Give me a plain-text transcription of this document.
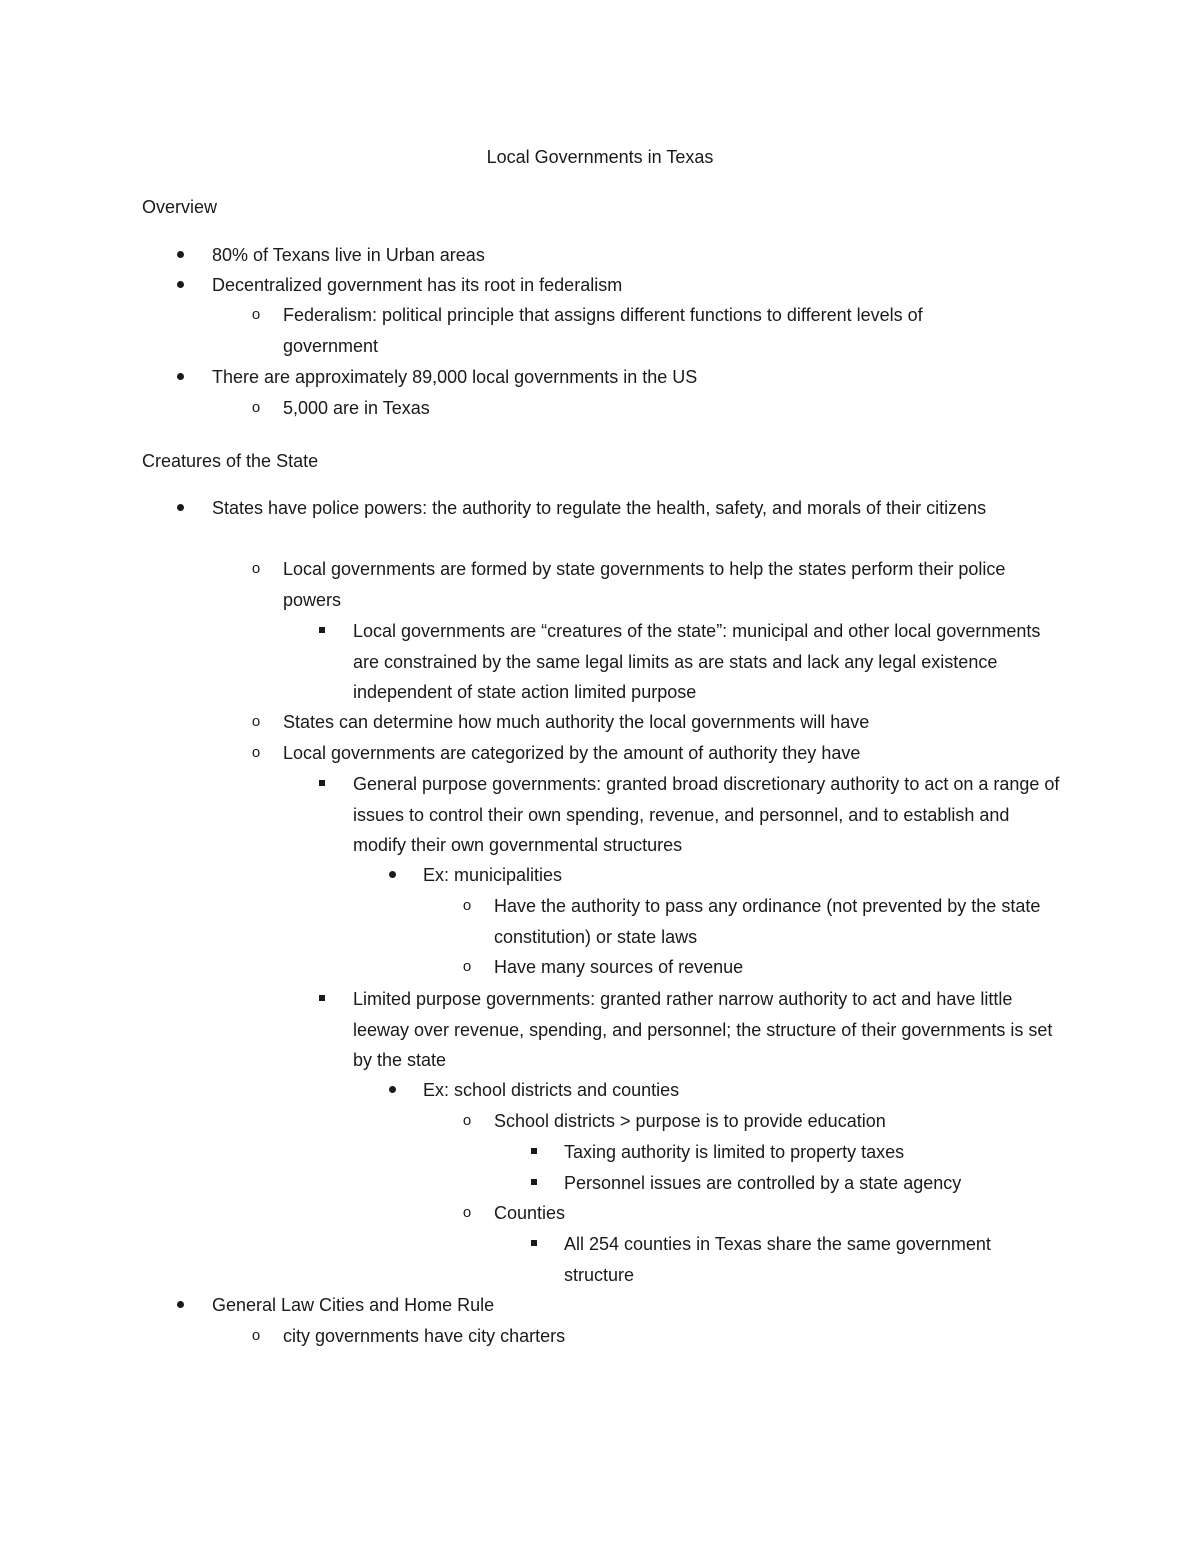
Local Governments in Texas
Overview
80% of Texans live in Urban areas
Decentralized government has its root in federalism
o	Federalism: political principle that assigns different functions to different levels of government
There are approximately 89,000 local governments in the US
o	5,000 are in Texas
Creatures of the State
States have police powers: the authority to regulate the health, safety, and morals of their citizens
o	Local governments are formed by state governments to help the states perform their police powers
Local governments are “creatures of the state”: municipal and other local governments are constrained by the same legal limits as are stats and lack any legal existence independent of state action limited purpose
o	States can determine how much authority the local governments will have
o	Local governments are categorized by the amount of authority they have
General purpose governments: granted broad discretionary authority to act on a range of issues to control their own spending, revenue, and personnel, and to establish and modify their own governmental structures
Ex: municipalities
o	Have the authority to pass any ordinance (not prevented by the state constitution) or state laws
o	Have many sources of revenue
Limited purpose governments: granted rather narrow authority to act and have little leeway over revenue, spending, and personnel; the structure of their governments is set by the state
Ex: school districts and counties
o	School districts > purpose is to provide education
Taxing authority is limited to property taxes
Personnel issues are controlled by a state agency
o	Counties
All 254 counties in Texas share the same government structure
General Law Cities and Home Rule
o	city governments have city charters
